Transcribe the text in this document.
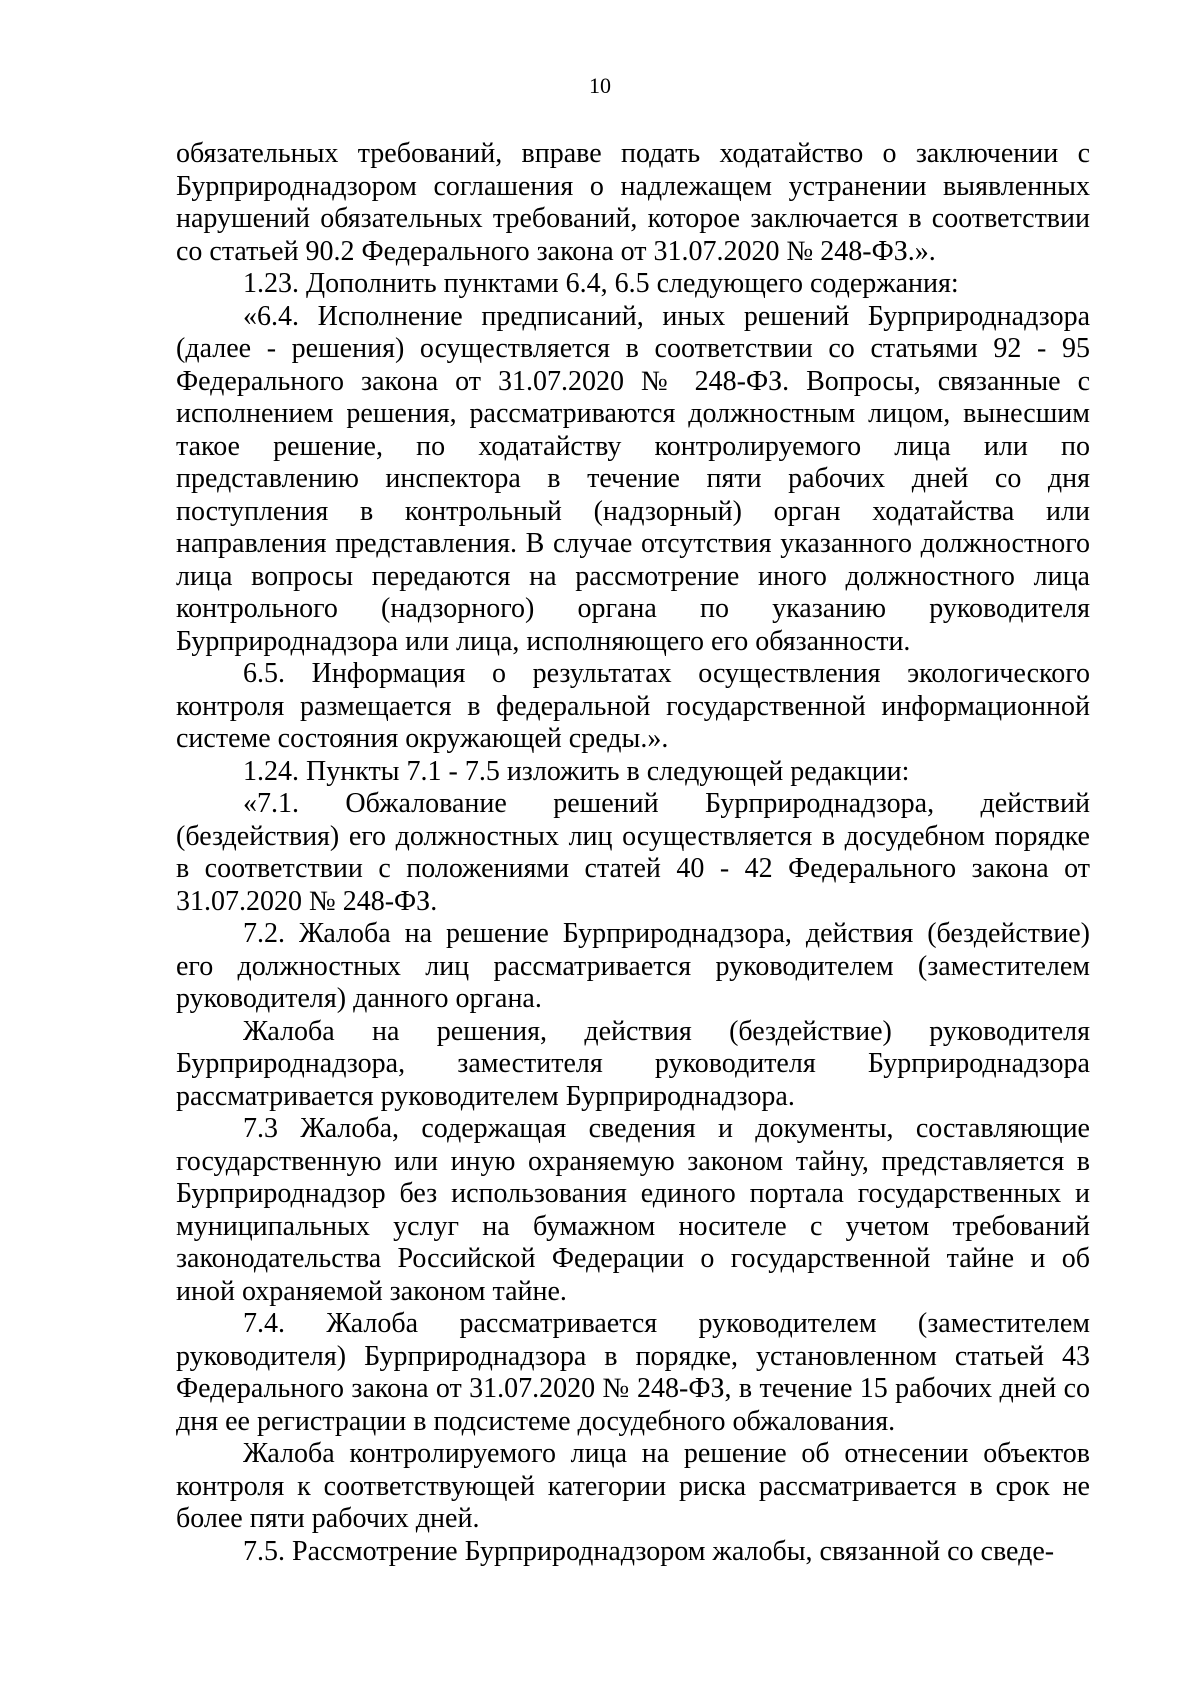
10

обязательных требований, вправе подать ходатайство о заключении с Бурприроднадзором соглашения о надлежащем устранении выявленных нарушений обязательных требований, которое заключается в соответствии со статьей 90.2 Федерального закона от 31.07.2020 № 248-ФЗ.».

1.23. Дополнить пунктами 6.4, 6.5 следующего содержания:

«6.4. Исполнение предписаний, иных решений Бурприроднадзора (далее - решения) осуществляется в соответствии со статьями 92 - 95 Федерального закона от 31.07.2020 № 248-ФЗ. Вопросы, связанные с исполнением решения, рассматриваются должностным лицом, вынесшим такое решение, по ходатайству контролируемого лица или по представлению инспектора в течение пяти рабочих дней со дня поступления в контрольный (надзорный) орган ходатайства или направления представления. В случае отсутствия указанного должностного лица вопросы передаются на рассмотрение иного должностного лица контрольного (надзорного) органа по указанию руководителя Бурприроднадзора или лица, исполняющего его обязанности.

6.5. Информация о результатах осуществления экологического контроля размещается в федеральной государственной информационной системе состояния окружающей среды.».

1.24. Пункты 7.1 - 7.5 изложить в следующей редакции:

«7.1. Обжалование решений Бурприроднадзора, действий (бездействия) его должностных лиц осуществляется в досудебном порядке в соответствии с положениями статей 40 - 42 Федерального закона от 31.07.2020 № 248-ФЗ.

7.2. Жалоба на решение Бурприроднадзора, действия (бездействие) его должностных лиц рассматривается руководителем (заместителем руководителя) данного органа.

Жалоба на решения, действия (бездействие) руководителя Бурприроднадзора, заместителя руководителя Бурприроднадзора рассматривается руководителем Бурприроднадзора.

7.3 Жалоба, содержащая сведения и документы, составляющие государственную или иную охраняемую законом тайну, представляется в Бурприроднадзор без использования единого портала государственных и муниципальных услуг на бумажном носителе с учетом требований законодательства Российской Федерации о государственной тайне и об иной охраняемой законом тайне.

7.4. Жалоба рассматривается руководителем (заместителем руководителя) Бурприроднадзора в порядке, установленном статьей 43 Федерального закона от 31.07.2020 № 248-ФЗ, в течение 15 рабочих дней со дня ее регистрации в подсистеме досудебного обжалования.

Жалоба контролируемого лица на решение об отнесении объектов контроля к соответствующей категории риска рассматривается в срок не более пяти рабочих дней.

7.5. Рассмотрение Бурприроднадзором жалобы, связанной со сведе-
